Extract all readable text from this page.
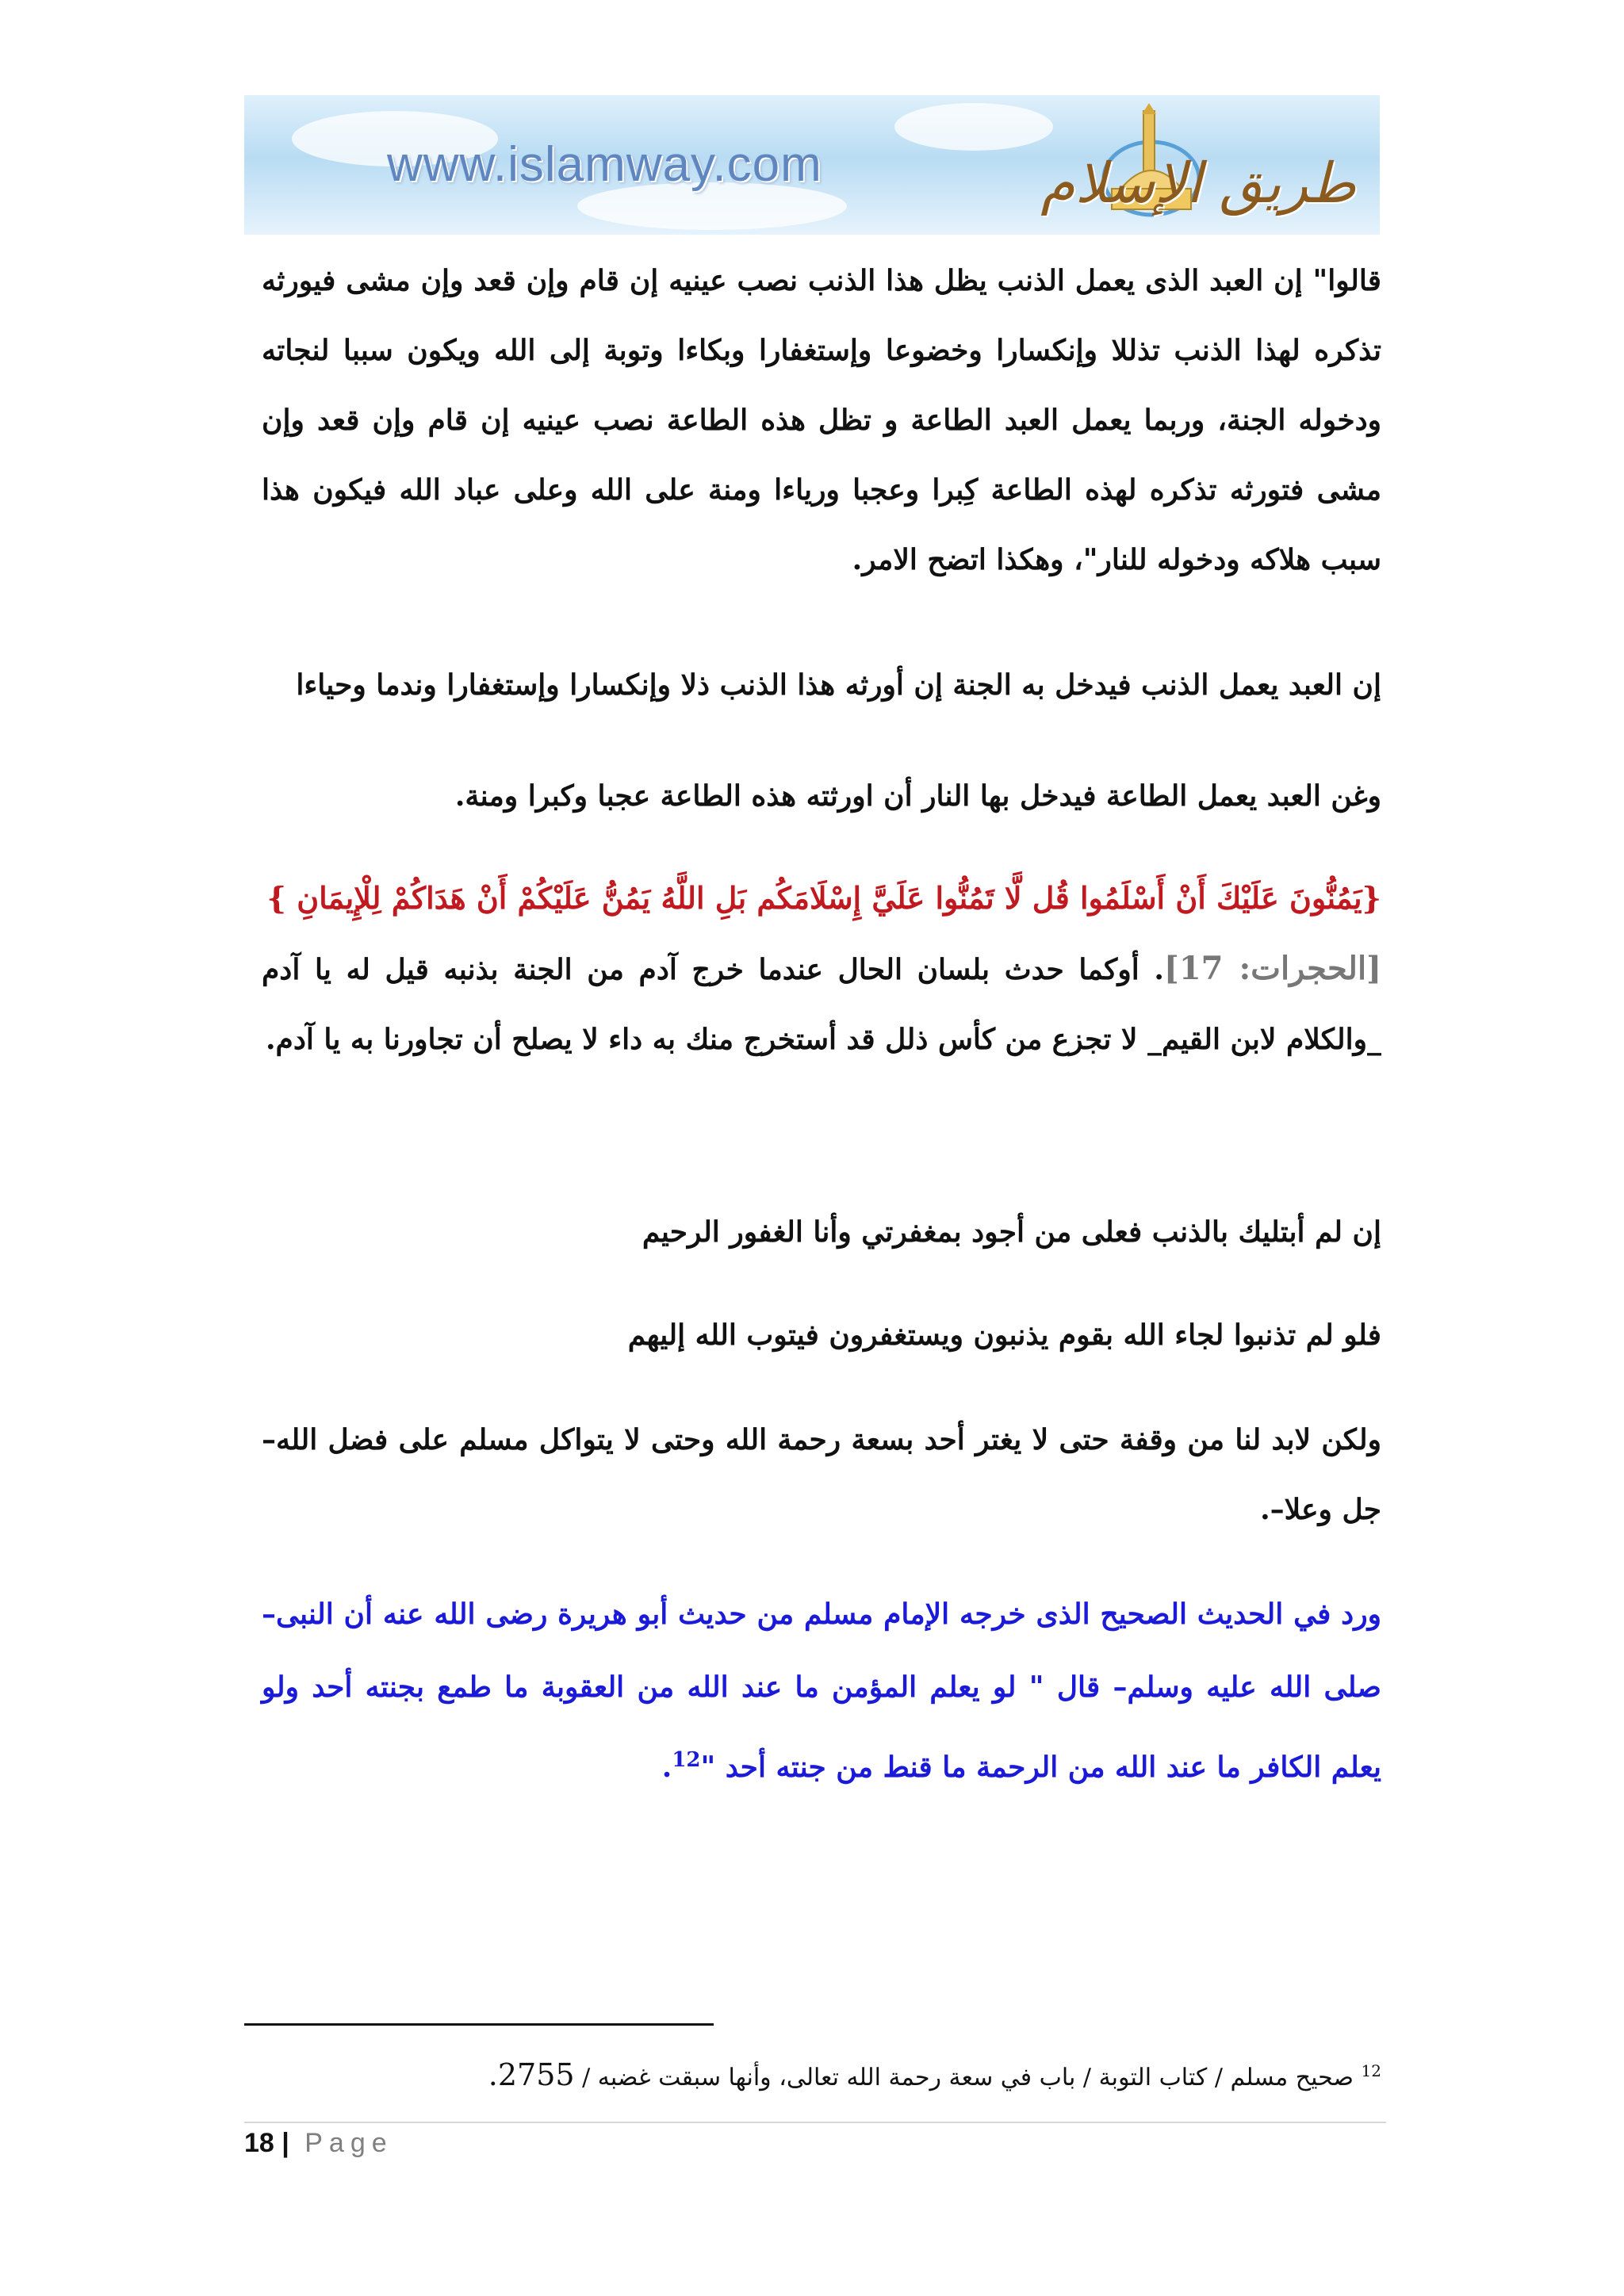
www.islamway.com	طريق الإسلام

قالوا" إن العبد الذى يعمل الذنب يظل هذا الذنب نصب عينيه إن قام وإن قعد وإن مشى فيورثه تذكره لهذا الذنب تذللا وإنكسارا وخضوعا وإستغفارا وبكاءا وتوبة إلى الله ويكون سببا لنجاته ودخوله الجنة، وربما يعمل العبد الطاعة و تظل هذه الطاعة نصب عينيه إن قام وإن قعد وإن مشى فتورثه تذكره لهذه الطاعة كِبرا وعجبا ورياءا ومنة على الله وعلى عباد الله فيكون هذا سبب هلاكه ودخوله للنار"، وهكذا اتضح الامر.

إن العبد يعمل الذنب فيدخل به الجنة إن أورثه هذا الذنب ذلا وإنكسارا وإستغفارا وندما وحياءا

وغن العبد يعمل الطاعة فيدخل بها النار أن اورثته هذه الطاعة عجبا وكبرا ومنة.

{يَمُنُّونَ عَلَيْكَ أَنْ أَسْلَمُوا قُل لَّا تَمُنُّوا عَلَيَّ إِسْلَامَكُم بَلِ اللَّهُ يَمُنُّ عَلَيْكُمْ أَنْ هَدَاكُمْ لِلْإِيمَانِ }

[الحجرات: 17]. أوكما حدث بلسان الحال عندما خرج آدم من الجنة بذنبه قيل له يا آدم _والكلام لابن القيم_ لا تجزع من كأس ذلل قد أستخرج منك به داء لا يصلح أن تجاورنا به يا آدم.

إن لم أبتليك بالذنب فعلى من أجود بمغفرتي وأنا الغفور الرحيم

فلو لم تذنبوا لجاء الله بقوم يذنبون ويستغفرون فيتوب الله إليهم

ولكن لابد لنا من وقفة حتى لا يغتر أحد بسعة رحمة الله وحتى لا يتواكل مسلم على فضل الله–جل وعلا–.

ورد في الحديث الصحيح الذى خرجه الإمام مسلم من حديث أبو هريرة رضى الله عنه أن النبى–صلى الله عليه وسلم– قال " لو يعلم المؤمن ما عند الله من العقوبة ما طمع بجنته أحد ولو يعلم الكافر ما عند الله من الرحمة ما قنط من جنته أحد "$^{12}$.

$^{12}$ صحيح مسلم / كتاب التوبة / باب في سعة رحمة الله تعالى، وأنها سبقت غضبه / 2755.
18 | Page
